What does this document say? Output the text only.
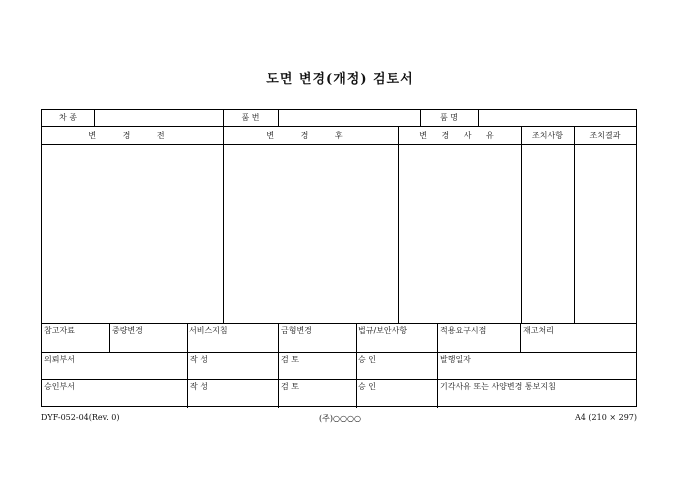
도면 변경(개정) 검토서
차 종	품 번	품 명
변 경 전	변 경 후	변 경 사 유	조치사항	조치결과
참고자료	중량변경	서비스지침	금형변경	법규/보안사항	적용요구시점	재고처리
의뢰부서	작 성	검 토	승 인	발행일자
승인부서	작 성	검 토	승 인	기각사유 또는 사양변경 통보지침
DYF-052-04(Rev. 0)	(주)○○○○	A4 (210 × 297)
